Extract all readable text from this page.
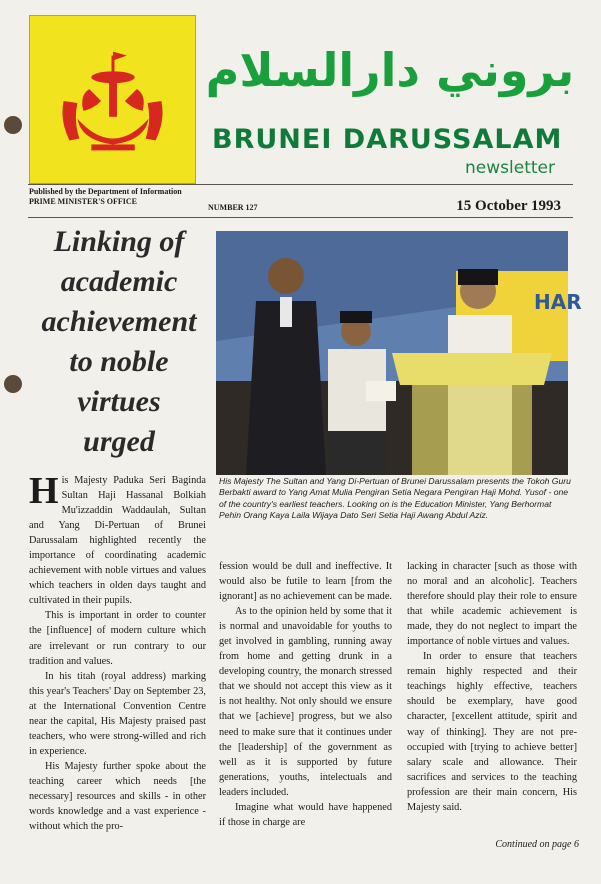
بروني دارالسلام
BRUNEI DARUSSALAM
newsletter
Published by the Department of Information
PRIME MINISTER'S OFFICE
NUMBER 127	15 October 1993
Linking of
academic
achievement
to noble
virtues
urged
HAR
His Majesty The Sultan and Yang Di-Pertuan of Brunei Darussalam presents the Tokoh Guru Berbakti award to Yang Amat Mulia Pengiran Setia Negara Pengiran Haji Mohd. Yusof - one of the country's earliest teachers. Looking on is the Education Minister, Yang Berhormat Pehin Orang Kaya Laila Wijaya Dato Seri Setia Haji Awang Abdul Aziz.

His Majesty Paduka Seri Baginda Sultan Haji Hassanal Bolkiah Mu'izzaddin Waddaulah, Sultan and Yang Di-Pertuan of Brunei Darussalam highlighted recently the importance of coordinating academic achievement with noble virtues and values which teachers in olden days taught and cultivated in their pupils.

This is important in order to counter the [influence] of modern culture which are irrelevant or run contrary to our tradition and values.

In his titah (royal address) marking this year's Teachers' Day on September 23, at the International Convention Centre near the capital, His Majesty praised past teachers, who were strong-willed and rich in experience.

His Majesty further spoke about the teaching career which needs [the necessary] resources and skills - in other words knowledge and a vast experience - without which the pro-

fession would be dull and ineffective. It would also be futile to learn [from the ignorant] as no achievement can be made.

As to the opinion held by some that it is normal and unavoidable for youths to get involved in gambling, running away from home and getting drunk in a developing country, the monarch stressed that we should not accept this view as it is not healthy. Not only should we ensure that we [achieve] progress, but we also need to make sure that it continues under the [leadership] of the government as well as it is supported by future generations, youths, intelectuals and leaders included.

Imagine what would have happened if those in charge are

lacking in character [such as those with no moral and an alcoholic]. Teachers therefore should play their role to ensure that while academic achievement is made, they do not neglect to impart the importance of noble virtues and values.

In order to ensure that teachers remain highly respected and their teachings highly effective, teachers should be exemplary, have good character, [excellent attitude, spirit and way of thinking]. They are not pre-occupied with [trying to achieve better] salary scale and allowance. Their sacrifices and services to the teaching profession are their main concern, His Majesty said.

Continued on page 6
